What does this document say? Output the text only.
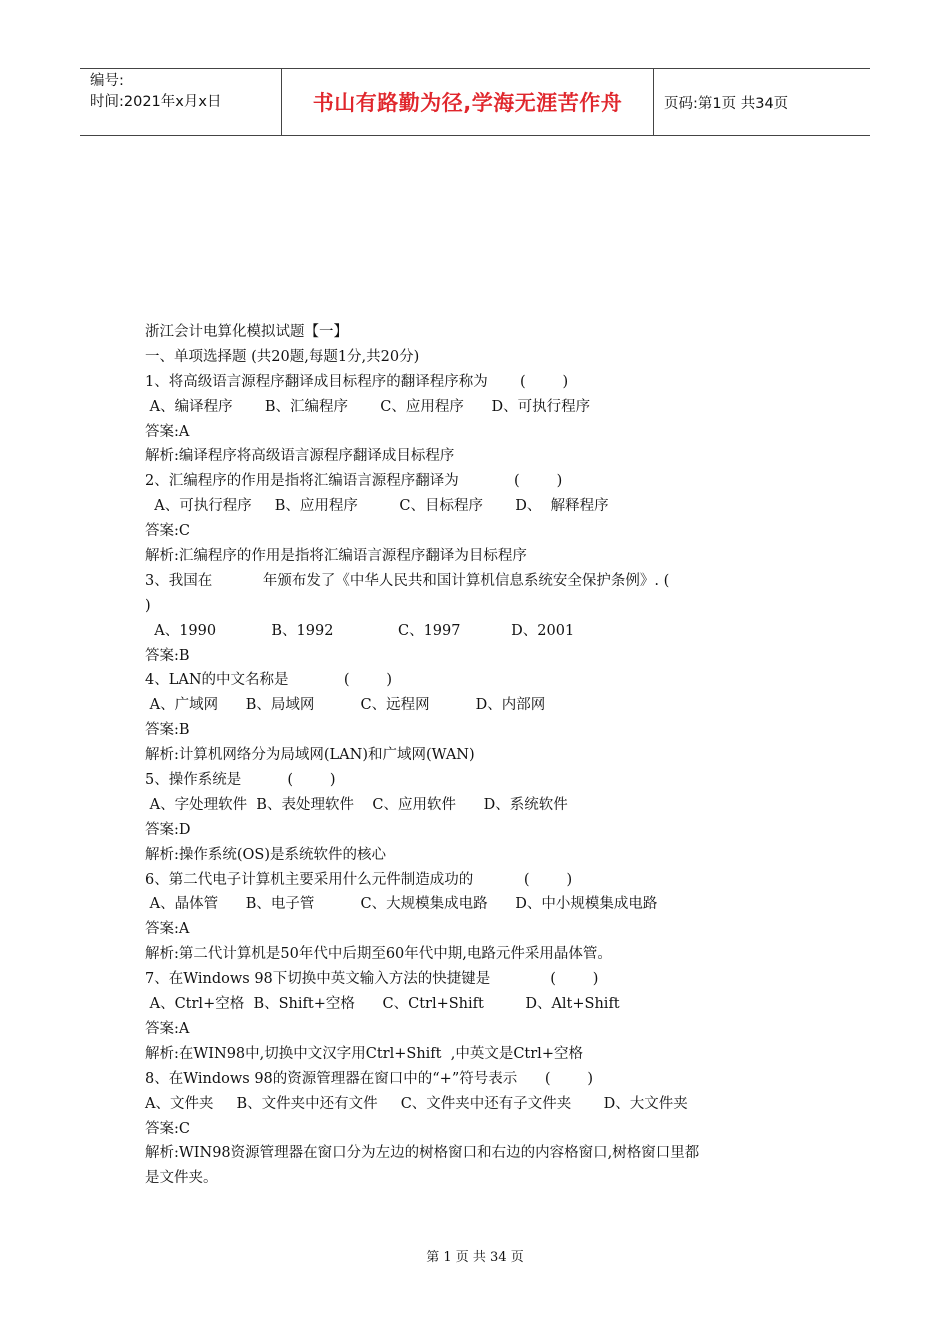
编号:
时间:2021年x月x日	书山有路勤为径,学海无涯苦作舟	页码:第1页 共34页
浙江会计电算化模拟试题【一】
一、单项选择题 (共20题,每题1分,共20分)
1、将高级语言源程序翻译成目标程序的翻译程序称为       (        )
A、编译程序       B、汇编程序       C、应用程序      D、可执行程序
答案:A
解析:编译程序将高级语言源程序翻译成目标程序
2、汇编程序的作用是指将汇编语言源程序翻译为            (        )
A、可执行程序     B、应用程序         C、目标程序       D、  解释程序
答案:C
解析:汇编程序的作用是指将汇编语言源程序翻译为目标程序
3、我国在           年颁布发了《中华人民共和国计算机信息系统安全保护条例》. (
)
A、1990            B、1992              C、1997           D、2001
答案:B
4、LAN的中文名称是            (        )
A、广域网      B、局域网          C、远程网          D、内部网
答案:B
解析:计算机网络分为局域网(LAN)和广域网(WAN)
5、操作系统是          (        )
A、字处理软件  B、表处理软件    C、应用软件      D、系统软件
答案:D
解析:操作系统(OS)是系统软件的核心
6、第二代电子计算机主要采用什么元件制造成功的           (        )
A、晶体管      B、电子管          C、大规模集成电路      D、中小规模集成电路
答案:A
解析:第二代计算机是50年代中后期至60年代中期,电路元件采用晶体管。
7、在Windows 98下切换中英文输入方法的快捷键是             (        )
A、Ctrl+空格  B、Shift+空格      C、Ctrl+Shift         D、Alt+Shift
答案:A
解析:在WIN98中,切换中文汉字用Ctrl+Shift  ,中英文是Ctrl+空格
8、在Windows 98的资源管理器在窗口中的“+”符号表示      (        )
A、文件夹     B、文件夹中还有文件     C、文件夹中还有子文件夹       D、大文件夹
答案:C
解析:WIN98资源管理器在窗口分为左边的树格窗口和右边的内容格窗口,树格窗口里都
是文件夹。
第 1 页 共 34 页
